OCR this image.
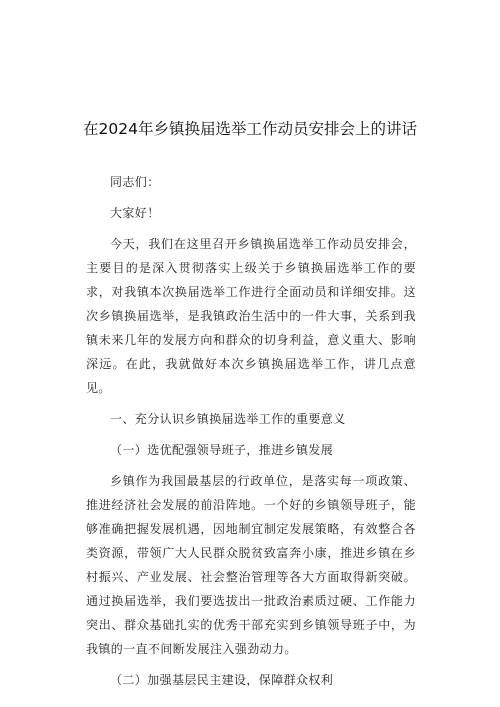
在2024年乡镇换届选举工作动员安排会上的讲话

同志们：

大家好！

今天，我们在这里召开乡镇换届选举工作动员安排会，主要目的是深入贯彻落实上级关于乡镇换届选举工作的要求，对我镇本次换届选举工作进行全面动员和详细安排。这次乡镇换届选举，是我镇政治生活中的一件大事，关系到我镇未来几年的发展方向和群众的切身利益，意义重大、影响深远。在此，我就做好本次乡镇换届选举工作，讲几点意见。

一、充分认识乡镇换届选举工作的重要意义

（一）选优配强领导班子，推进乡镇发展

乡镇作为我国最基层的行政单位，是落实每一项政策、推进经济社会发展的前沿阵地。一个好的乡镇领导班子，能够准确把握发展机遇，因地制宜制定发展策略，有效整合各类资源，带领广大人民群众脱贫致富奔小康，推进乡镇在乡村振兴、产业发展、社会整治管理等各大方面取得新突破。通过换届选举，我们要选拔出一批政治素质过硬、工作能力突出、群众基础扎实的优秀干部充实到乡镇领导班子中，为我镇的一直不间断发展注入强劲动力。

（二）加强基层民主建设，保障群众权利
